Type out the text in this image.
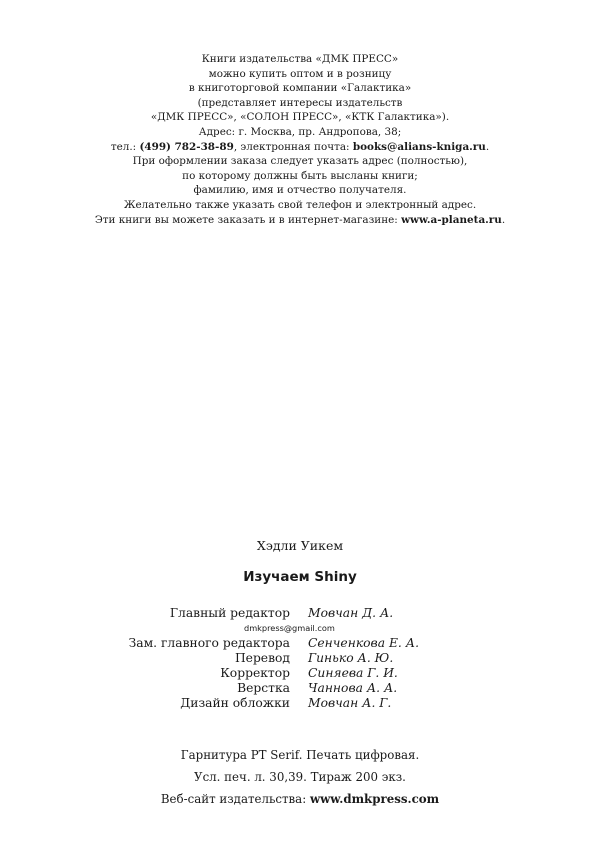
Книги издательства «ДМК ПРЕСС»
можно купить оптом и в розницу
в книготорговой компании «Галактика»
(представляет интересы издательств
«ДМК ПРЕСС», «СОЛОН ПРЕСС», «КТК Галактика»).
Адрес: г. Москва, пр. Андропова, 38;
тел.: (499) 782-38-89, электронная почта: books@alians-kniga.ru.
При оформлении заказа следует указать адрес (полностью),
по которому должны быть высланы книги;
фамилию, имя и отчество получателя.
Желательно также указать свой телефон и электронный адрес.
Эти книги вы можете заказать и в интернет-магазине: www.a-planeta.ru.
Хэдли Уикем
Изучаем Shiny
Главный редактор Мовчан Д. А.
dmkpress@gmail.com
Зам. главного редактора Сенченкова Е. А.
Перевод Гинько А. Ю.
Корректор Синяева Г. И.
Верстка Чаннова А. А.
Дизайн обложки Мовчан А. Г.
Гарнитура PT Serif. Печать цифровая.
Усл. печ. л. 30,39. Тираж 200 экз.
Веб-сайт издательства: www.dmkpress.com
